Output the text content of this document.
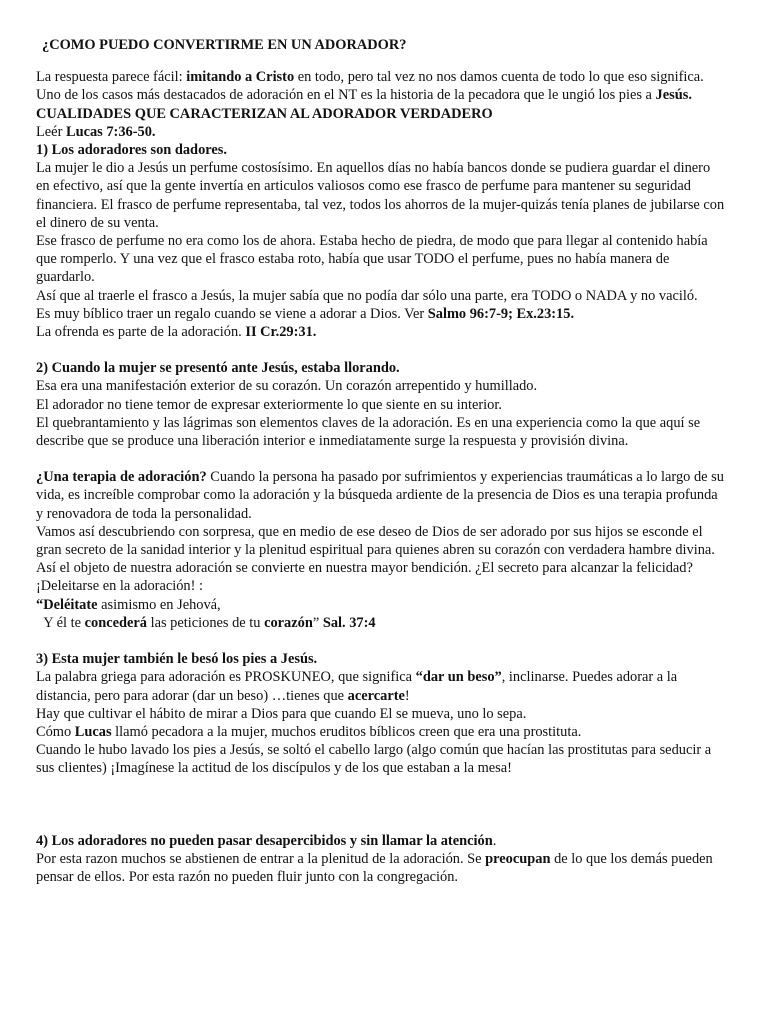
¿COMO PUEDO CONVERTIRME EN UN ADORADOR?

La respuesta parece fácil: imitando a Cristo en todo, pero tal vez no nos damos cuenta de todo lo que eso significa.

Uno de los casos más destacados de adoración en el NT es la historia de la pecadora que le ungió los pies a Jesús.

CUALIDADES QUE CARACTERIZAN AL ADORADOR VERDADERO

Leér Lucas 7:36-50.

1) Los adoradores son dadores.

La mujer le dio a Jesús un perfume costosísimo. En aquellos días no había bancos donde se pudiera guardar el dinero en efectivo, así que la gente invertía en articulos valiosos como ese frasco de perfume para mantener su seguridad financiera. El frasco de perfume representaba, tal vez, todos los ahorros de la mujer-quizás tenía planes de jubilarse con el dinero de su venta.

Ese frasco de perfume no era como los de ahora. Estaba hecho de piedra, de modo que para llegar al contenido había que romperlo. Y una vez que el frasco estaba roto, había que usar TODO el perfume, pues no había manera de guardarlo.

Así que al traerle el frasco a Jesús, la mujer sabía que no podía dar sólo una parte, era TODO o NADA y no vaciló.

Es muy bíblico traer un regalo cuando se viene a adorar a Dios. Ver Salmo 96:7-9; Ex.23:15.

La ofrenda es parte de la adoración. II Cr.29:31.

2) Cuando la mujer se presentó ante Jesús, estaba llorando.

Esa era una manifestación exterior de su corazón. Un corazón arrepentido y humillado.

El adorador no tiene temor de expresar exteriormente lo que siente en su interior.

El quebrantamiento y las lágrimas son elementos claves de la adoración. Es en una experiencia como la que aquí se describe que se produce una liberación interior e inmediatamente surge la respuesta y provisión divina.

¿Una terapia de adoración? Cuando la persona ha pasado por sufrimientos y experiencias traumáticas a lo largo de su vida, es increíble comprobar como la adoración y la búsqueda ardiente de la presencia de Dios es una terapia profunda y renovadora de toda la personalidad.

Vamos así descubriendo con sorpresa, que en medio de ese deseo de Dios de ser adorado por sus hijos se esconde el gran secreto de la sanidad interior y la plenitud espiritual para quienes abren su corazón con verdadera hambre divina. Así el objeto de nuestra adoración se convierte en nuestra mayor bendición. ¿El secreto para alcanzar la felicidad? ¡Deleitarse en la adoración! :

“Deléitate asimismo en Jehová,

Y él te concederá las peticiones de tu corazón” Sal. 37:4

3) Esta mujer también le besó los pies a Jesús.

La palabra griega para adoración es PROSKUNEO, que significa “dar un beso”, inclinarse. Puedes adorar a la distancia, pero para adorar (dar un beso) …tienes que acercarte!

Hay que cultivar el hábito de mirar a Dios para que cuando El se mueva, uno lo sepa.

Cómo Lucas llamó pecadora a la mujer, muchos eruditos bíblicos creen que era una prostituta.

Cuando le hubo lavado los pies a Jesús, se soltó el cabello largo (algo común que hacían las prostitutas para seducir a sus clientes) ¡Imagínese la actitud de los discípulos y de los que estaban a la mesa!

4) Los adoradores no pueden pasar desapercibidos y sin llamar la atención.

Por esta razon muchos se abstienen de entrar a la plenitud de la adoración. Se preocupan de lo que los demás pueden pensar de ellos. Por esta razón no pueden fluir junto con la congregación.
